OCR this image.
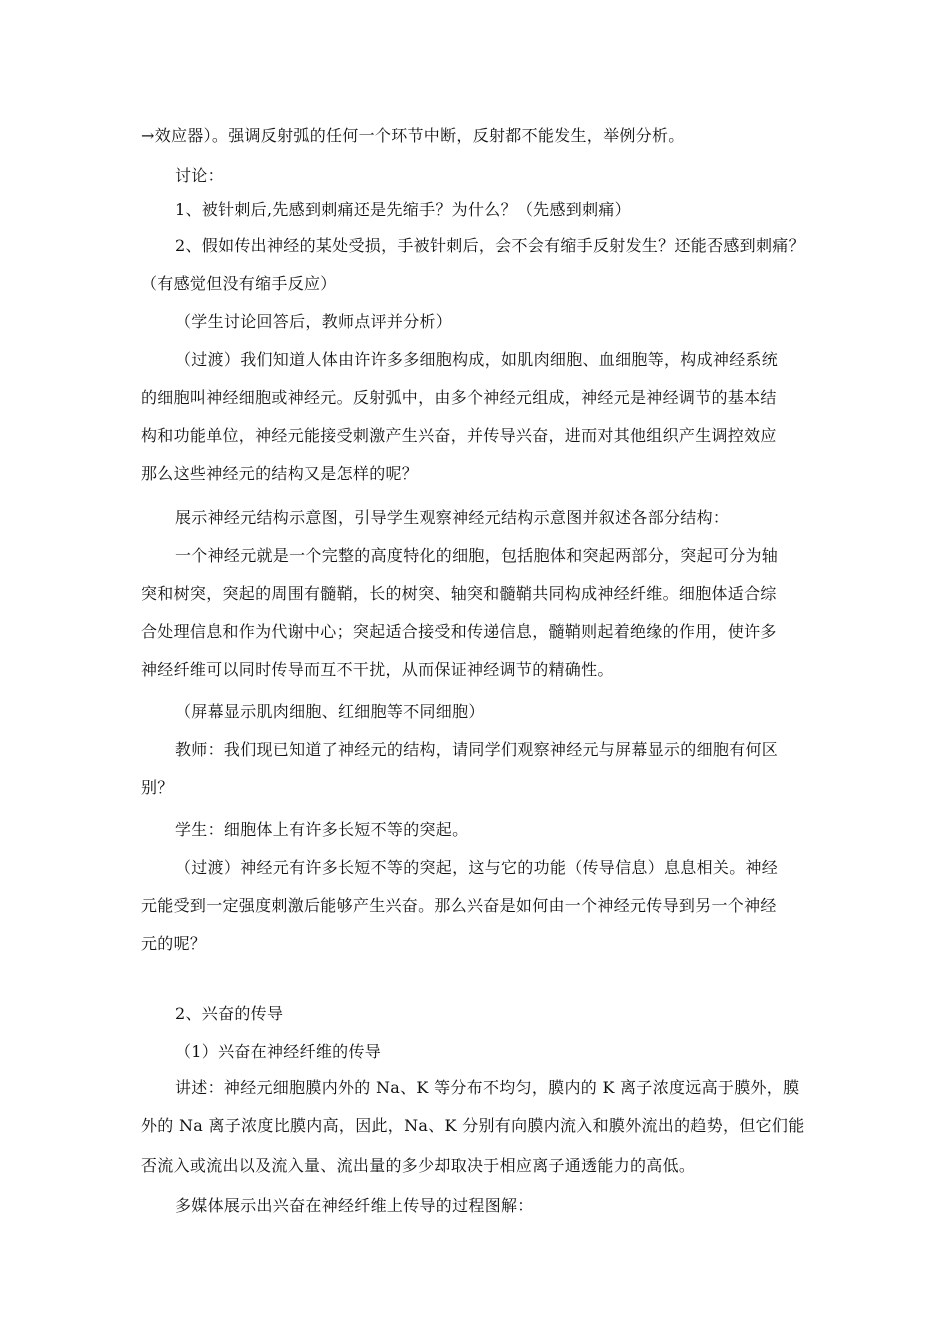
→效应器）。强调反射弧的任何一个环节中断，反射都不能发生，举例分析。
讨论：
1、被针刺后,先感到刺痛还是先缩手？为什么？（先感到刺痛）
2、假如传出神经的某处受损，手被针刺后，会不会有缩手反射发生？还能否感到刺痛？
（有感觉但没有缩手反应）
（学生讨论回答后，教师点评并分析）
（过渡）我们知道人体由许许多多细胞构成，如肌肉细胞、血细胞等，构成神经系统
的细胞叫神经细胞或神经元。反射弧中，由多个神经元组成，神经元是神经调节的基本结
构和功能单位，神经元能接受刺激产生兴奋，并传导兴奋，进而对其他组织产生调控效应
那么这些神经元的结构又是怎样的呢？
展示神经元结构示意图，引导学生观察神经元结构示意图并叙述各部分结构：
一个神经元就是一个完整的高度特化的细胞，包括胞体和突起两部分，突起可分为轴
突和树突，突起的周围有髓鞘，长的树突、轴突和髓鞘共同构成神经纤维。细胞体适合综
合处理信息和作为代谢中心；突起适合接受和传递信息，髓鞘则起着绝缘的作用，使许多
神经纤维可以同时传导而互不干扰，从而保证神经调节的精确性。
（屏幕显示肌肉细胞、红细胞等不同细胞）
教师：我们现已知道了神经元的结构，请同学们观察神经元与屏幕显示的细胞有何区
别？
学生：细胞体上有许多长短不等的突起。
（过渡）神经元有许多长短不等的突起，这与它的功能（传导信息）息息相关。神经
元能受到一定强度刺激后能够产生兴奋。那么兴奋是如何由一个神经元传导到另一个神经
元的呢？
2、兴奋的传导
（1）兴奋在神经纤维的传导
讲述：神经元细胞膜内外的 Na、K 等分布不均匀，膜内的 K 离子浓度远高于膜外，膜
外的 Na 离子浓度比膜内高，因此，Na、K 分别有向膜内流入和膜外流出的趋势，但它们能
否流入或流出以及流入量、流出量的多少却取决于相应离子通透能力的高低。
多媒体展示出兴奋在神经纤维上传导的过程图解：
